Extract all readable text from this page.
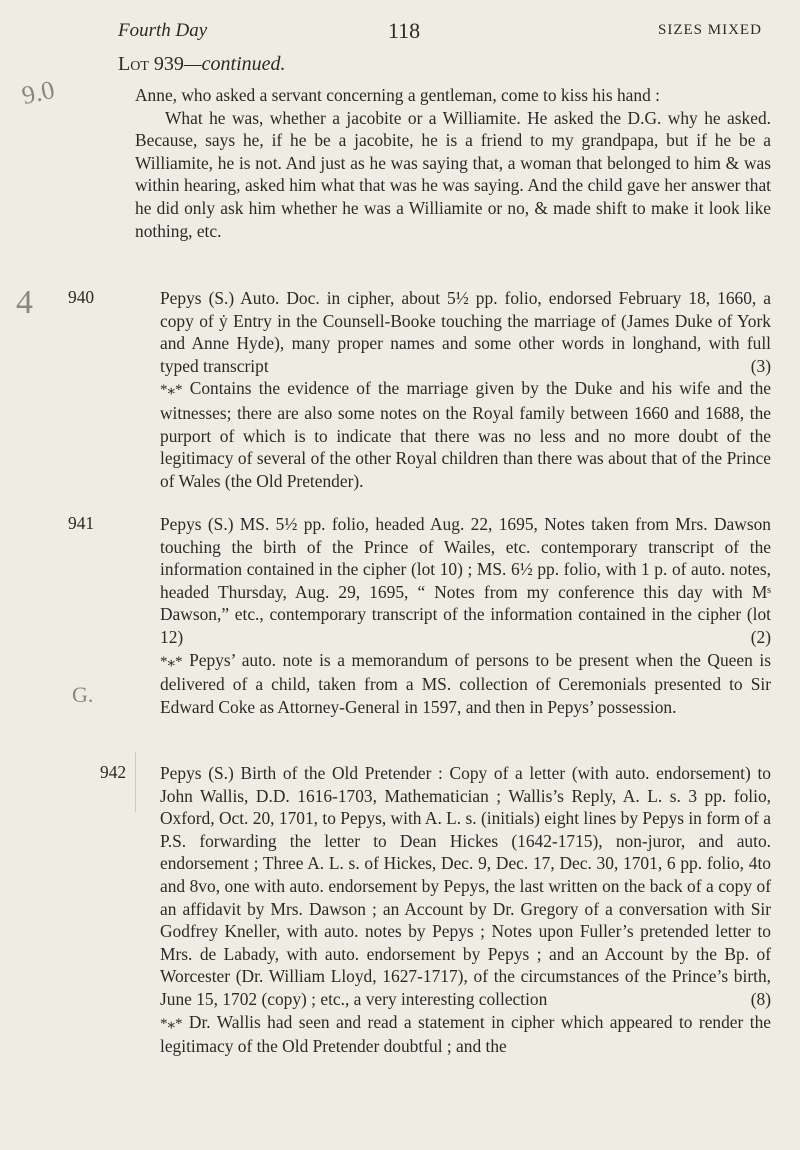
Fourth Day	118	SIZES MIXED
Lot 939—continued.
9.0
4
G.

Anne, who asked a servant concerning a gentleman, come to kiss his hand :

What he was, whether a jacobite or a Williamite. He asked the D.G. why he asked. Because, says he, if he be a jacobite, he is a friend to my grandpapa, but if he be a Williamite, he is not. And just as he was saying that, a woman that belonged to him & was within hearing, asked him what that was he was saying. And the child gave her answer that he did only ask him whether he was a Williamite or no, & made shift to make it look like nothing, etc.

940	Pepys (S.) Auto. Doc. in cipher, about 5½ pp. folio, endorsed February 18, 1660, a copy of ẏ Entry in the Counsell-Booke touching the marriage of (James Duke of York and Anne Hyde), many proper names and some other words in longhand, with full typed transcript	(3)

*⁎* Contains the evidence of the marriage given by the Duke and his wife and the witnesses; there are also some notes on the Royal family between 1660 and 1688, the purport of which is to indicate that there was no less and no more doubt of the legitimacy of several of the other Royal children than there was about that of the Prince of Wales (the Old Pretender).

941	Pepys (S.) MS. 5½ pp. folio, headed Aug. 22, 1695, Notes taken from Mrs. Dawson touching the birth of the Prince of Wailes, etc. contemporary transcript of the information contained in the cipher (lot 10) ; MS. 6½ pp. folio, with 1 p. of auto. notes, headed Thursday, Aug. 29, 1695, “ Notes from my conference this day with Mˢ Dawson,” etc., contemporary transcript of the information contained in the cipher (lot 12)	(2)

*⁎* Pepys’ auto. note is a memorandum of persons to be present when the Queen is delivered of a child, taken from a MS. collection of Ceremonials presented to Sir Edward Coke as Attorney-General in 1597, and then in Pepys’ possession.

942 Pepys (S.) Birth of the Old Pretender : Copy of a letter (with auto. endorsement) to John Wallis, D.D. 1616-1703, Mathematician ; Wallis’s Reply, A. L. s. 3 pp. folio, Oxford, Oct. 20, 1701, to Pepys, with A. L. s. (initials) eight lines by Pepys in form of a P.S. forwarding the letter to Dean Hickes (1642-1715), non-juror, and auto. endorsement ; Three A. L. s. of Hickes, Dec. 9, Dec. 17, Dec. 30, 1701, 6 pp. folio, 4to and 8vo, one with auto. endorsement by Pepys, the last written on the back of a copy of an affidavit by Mrs. Dawson ; an Account by Dr. Gregory of a conversation with Sir Godfrey Kneller, with auto. notes by Pepys ; Notes upon Fuller’s pretended letter to Mrs. de Labady, with auto. endorsement by Pepys ; and an Account by the Bp. of Worcester (Dr. William Lloyd, 1627-1717), of the circumstances of the Prince’s birth, June 15, 1702 (copy) ; etc., a very interesting collection	(8)

*⁎* Dr. Wallis had seen and read a statement in cipher which appeared to render the legitimacy of the Old Pretender doubtful ; and the
